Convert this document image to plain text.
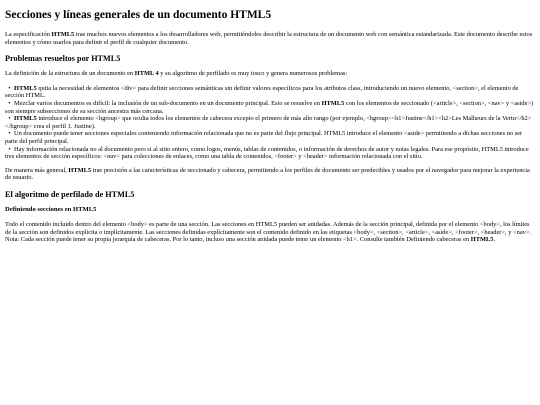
Secciones y líneas generales de un documento HTML5

La especificación HTML5 trae muchos nuevos elementos a los desarrolladores web, permitiéndoles describir la estructura de un documento web con semántica estandarizada. Este documento describe estos elementos y cómo usarlos para definir el perfil de cualquier documento.

Problemas resueltos por HTML5

La definición de la estructura de un documento en HTML 4 y su algoritmo de perfilado es muy tosco y genera numerosos problemas:

• HTML5 quita la necesidad de elementos <div> para definir secciones semánticas sin definir valores específicos para los atributos class, introduciendo un nuevo elemento, <section>, el elemento de sección HTML.
• Mezclar varios documentos es difícil: la inclusión de un sub-documento en un documento principal. Esto se resuelve en HTML5 con los elementos de seccionado (<article>, <section>, <nav> y <aside>) son siempre subsecciones de su sección ancestra más cercana.
• HTML5 introduce el elemento <hgroup> que oculta todos los elementos de cabecera excepto el primero de más alto rango (por ejemplo, <hgroup><h1>Justine</h1><h2>Les Malheurs de la Vertu</h2></hgroup> crea el perfil 1. Justine).
• Un documento puede tener secciones especiales conteniendo información relacionada que no es parte del flujo principal. HTML5 introduce el elemento <aside> permitiendo a dichas secciones no ser parte del perfil principal.
• Hay información relacionada no al documento pero si al sitio entero, como logos, menús, tablas de contenidos, o información de derechos de autor y notas legales. Para ese propósito, HTML5 introduce tres elementos de sección específicos: <nav> para colecciones de enlaces, como una tabla de contenidos, <footer> y <header> información relacionada con el sitio.

De manera más general, HTML5 trae precisión a las características de seccionado y cabecera, permitiendo a los perfiles de documento ser predecibles y usados por el navegador para mejorar la experiencia de usuario.

El algoritmo de perfilado de HTML5
Definiendo secciones en HTML5

Todo el contenido incluido dentro del elemento <body> es parte de una sección. Las secciones en HTML5 pueden ser anidadas. Además de la sección principal, definida por el elemento <body>, los límites de la sección son definidos explícita o implícitamente. Las secciones definidas explícitamente son el contenido definido en las etiquetas <body>, <section>, <article>, <aside>, <footer>, <header>, y <nav>. Nota: Cada sección puede tener su propia jerarquía de cabeceras. Por lo tanto, incluso una sección anidada puede tener un elemento <h1>. Consulte también Definiendo cabeceras en HTML5.
